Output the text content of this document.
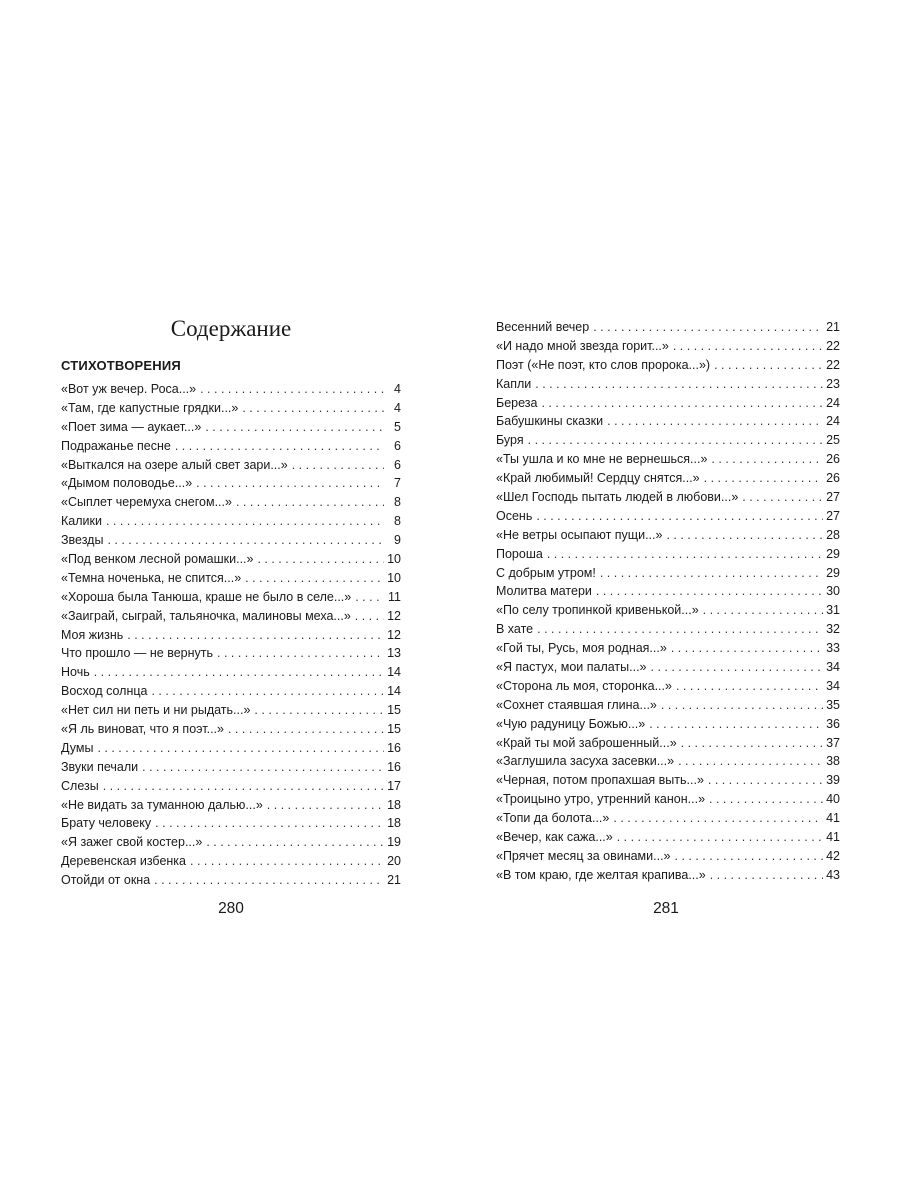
Содержание
СТИХОТВОРЕНИЯ
«Вот уж вечер. Роса...» . . .	4
«Там, где капустные грядки...» . . .	4
«Поет зима — аукает...» . . .	5
Подражанье песне . . .	6
«Выткался на озере алый свет зари...» . . .	6
«Дымом половодье...» . . .	7
«Сыплет черемуха снегом...» . . .	8
Калики . . .	8
Звезды . . .	9
«Под венком лесной ромашки...» . . .	10
«Темна ноченька, не спится...» . . .	10
«Хороша была Танюша, краше не было в селе...» . . .	11
«Заиграй, сыграй, тальяночка, малиновы меха...» . . .	12
Моя жизнь . . .	12
Что прошло — не вернуть . . .	13
Ночь . . .	14
Восход солнца . . .	14
«Нет сил ни петь и ни рыдать...» . . .	15
«Я ль виноват, что я поэт...» . . .	15
Думы . . .	16
Звуки печали . . .	16
Слезы . . .	17
«Не видать за туманною далью...» . . .	18
Брату человеку . . .	18
«Я зажег свой костер...» . . .	19
Деревенская избенка . . .	20
Отойди от окна . . .	21
280
Весенний вечер . . .	21
«И надо мной звезда горит...» . . .	22
Поэт («Не поэт, кто слов пророка...») . . .	22
Капли . . .	23
Береза . . .	24
Бабушкины сказки . . .	24
Буря . . .	25
«Ты ушла и ко мне не вернешься...» . . .	26
«Край любимый! Сердцу снятся...» . . .	26
«Шел Господь пытать людей в любови...» . . .	27
Осень . . .	27
«Не ветры осыпают пущи...» . . .	28
Пороша . . .	29
С добрым утром! . . .	29
Молитва матери . . .	30
«По селу тропинкой кривенькой...» . . .	31
В хате . . .	32
«Гой ты, Русь, моя родная...» . . .	33
«Я пастух, мои палаты...» . . .	34
«Сторона ль моя, сторонка...» . . .	34
«Сохнет стаявшая глина...» . . .	35
«Чую радуницу Божью...» . . .	36
«Край ты мой заброшенный...» . . .	37
«Заглушила засуха засевки...» . . .	38
«Черная, потом пропахшая выть...» . . .	39
«Троицыно утро, утренний канон...» . . .	40
«Топи да болота...» . . .	41
«Вечер, как сажа...» . . .	41
«Прячет месяц за овинами...» . . .	42
«В том краю, где желтая крапива...» . . .	43
281
